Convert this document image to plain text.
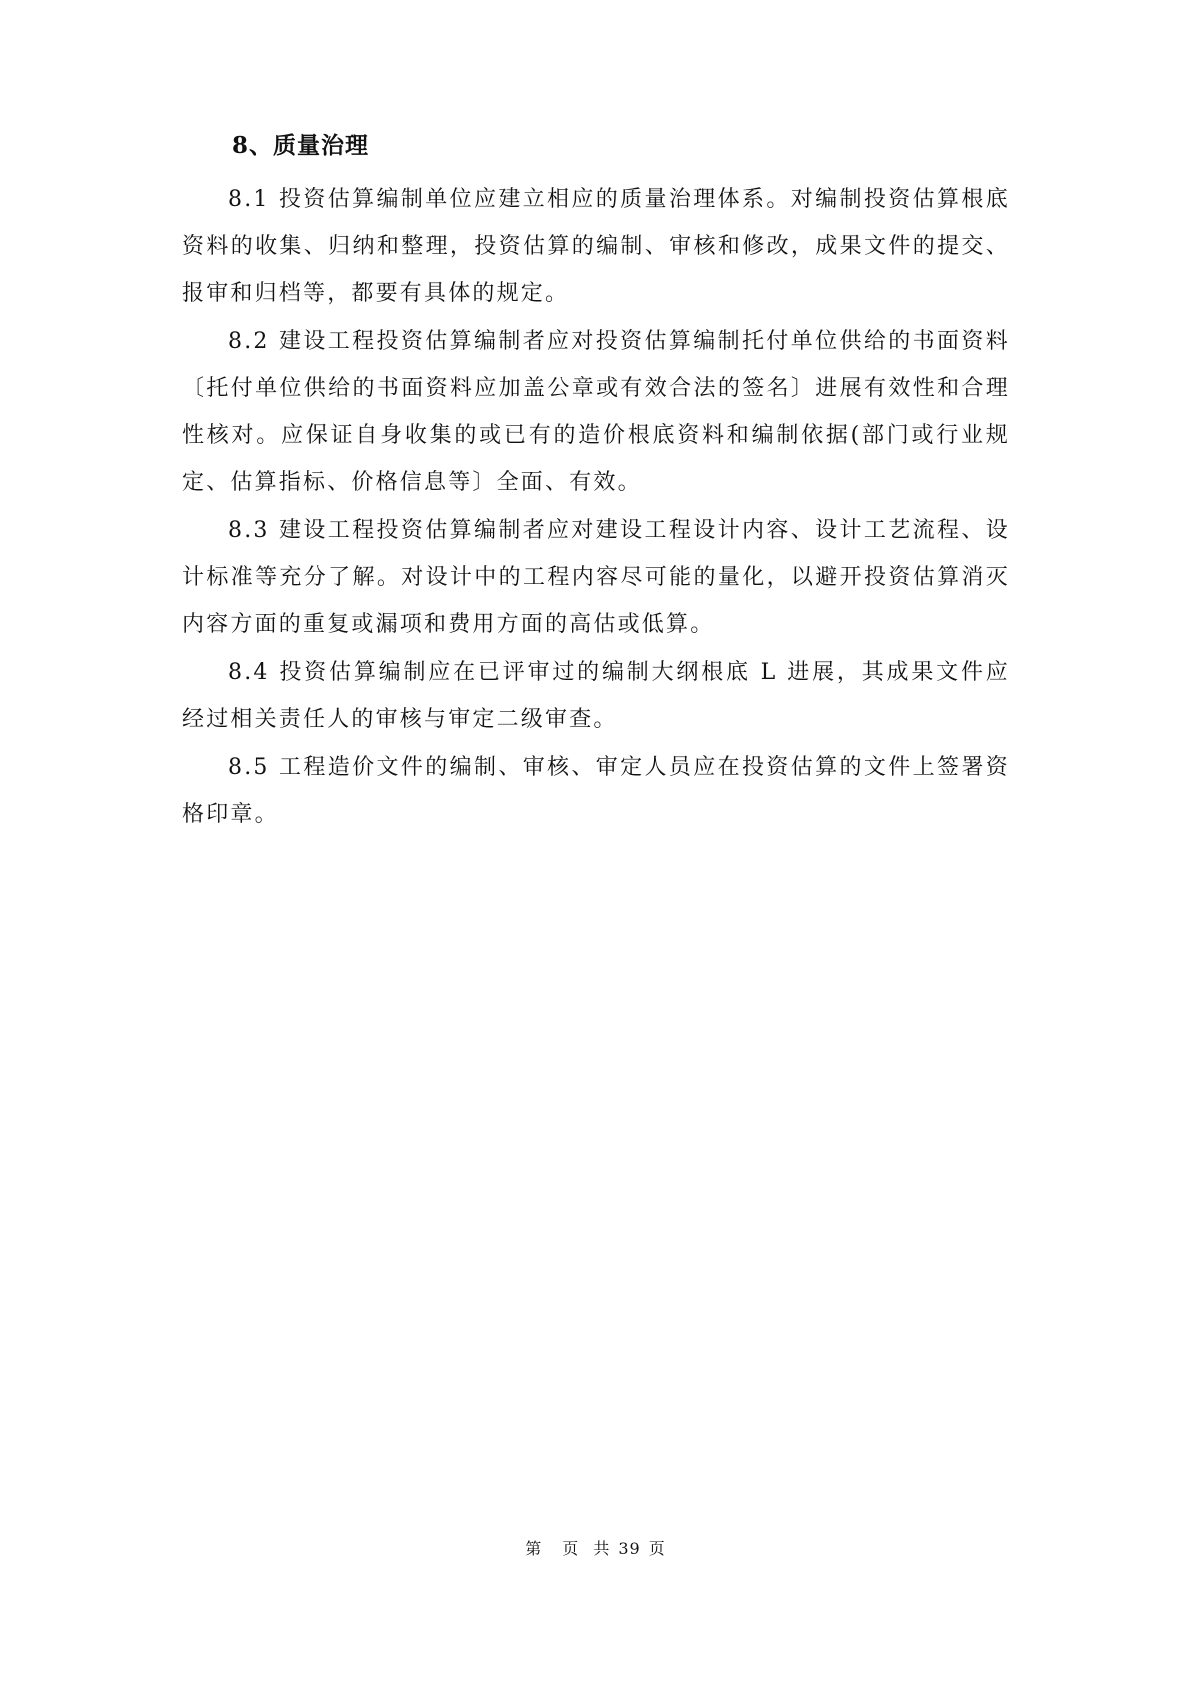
8、质量治理

8.1 投资估算编制单位应建立相应的质量治理体系。对编制投资估算根底资料的收集、归纳和整理，投资估算的编制、审核和修改，成果文件的提交、报审和归档等，都要有具体的规定。

8.2 建设工程投资估算编制者应对投资估算编制托付单位供给的书面资料〔托付单位供给的书面资料应加盖公章或有效合法的签名〕进展有效性和合理性核对。应保证自身收集的或已有的造价根底资料和编制依据(部门或行业规定、估算指标、价格信息等〕全面、有效。

8.3 建设工程投资估算编制者应对建设工程设计内容、设计工艺流程、设计标准等充分了解。对设计中的工程内容尽可能的量化，以避开投资估算消灭内容方面的重复或漏项和费用方面的高估或低算。

8.4 投资估算编制应在已评审过的编制大纲根底 L 进展，其成果文件应经过相关责任人的审核与审定二级审查。

8.5 工程造价文件的编制、审核、审定人员应在投资估算的文件上签署资格印章。

第 页 共 39 页
